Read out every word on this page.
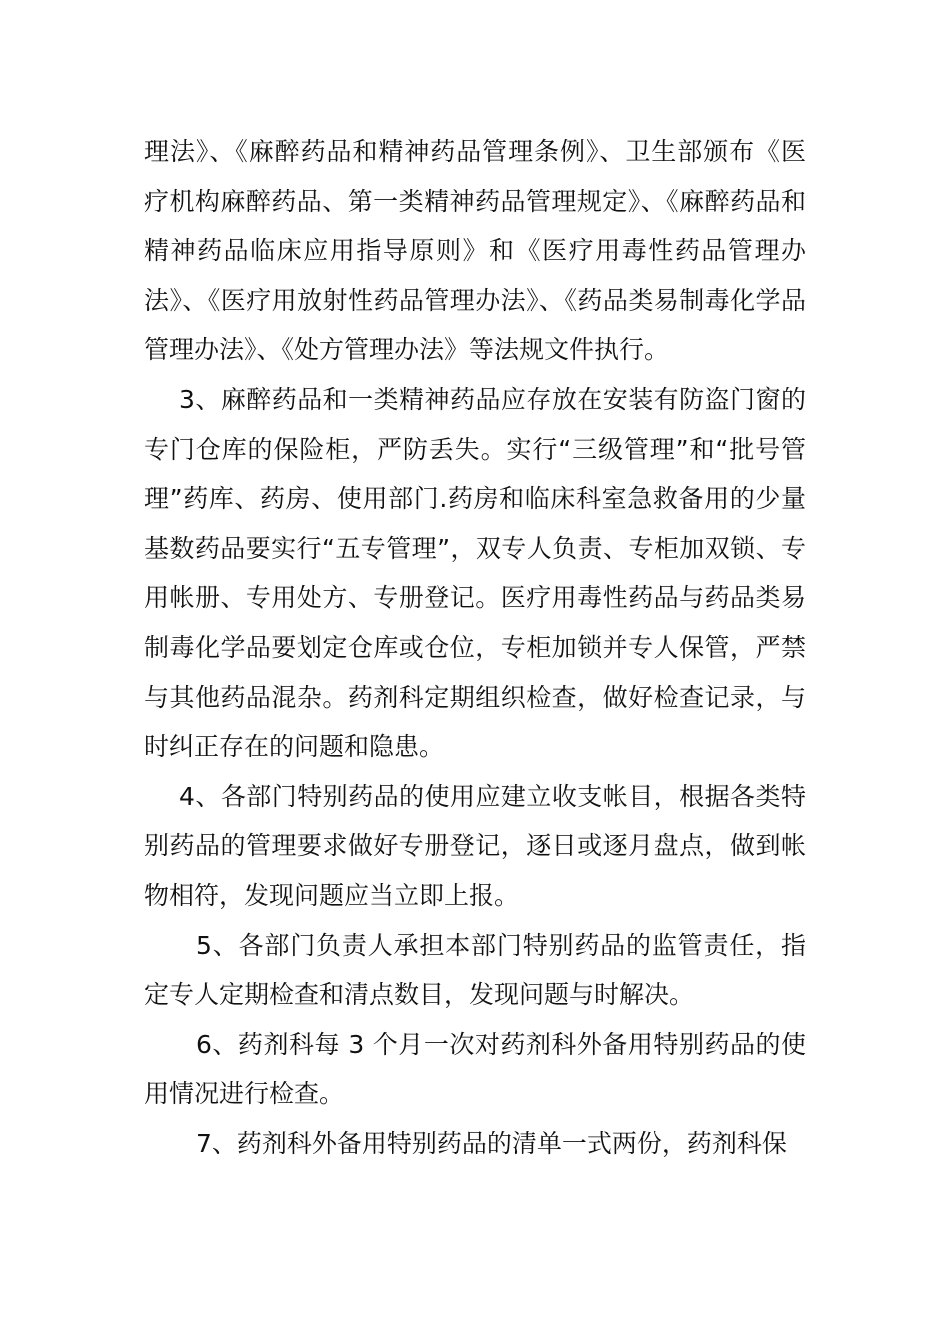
理法》、《麻醉药品和精神药品管理条例》、卫生部颁布《医疗机构麻醉药品、第一类精神药品管理规定》、《麻醉药品和精神药品临床应用指导原则》和《医疗用毒性药品管理办法》、《医疗用放射性药品管理办法》、《药品类易制毒化学品管理办法》、《处方管理办法》等法规文件执行。

3、麻醉药品和一类精神药品应存放在安装有防盗门窗的专门仓库的保险柜，严防丢失。实行“三级管理”和“批号管理”药库、药房、使用部门.药房和临床科室急救备用的少量基数药品要实行“五专管理”，双专人负责、专柜加双锁、专用帐册、专用处方、专册登记。医疗用毒性药品与药品类易制毒化学品要划定仓库或仓位，专柜加锁并专人保管，严禁与其他药品混杂。药剂科定期组织检查，做好检查记录，与时纠正存在的问题和隐患。

4、各部门特别药品的使用应建立收支帐目，根据各类特别药品的管理要求做好专册登记，逐日或逐月盘点，做到帐物相符，发现问题应当立即上报。

5、各部门负责人承担本部门特别药品的监管责任，指定专人定期检查和清点数目，发现问题与时解决。

6、药剂科每 3 个月一次对药剂科外备用特别药品的使用情况进行检查。

7、药剂科外备用特别药品的清单一式两份，药剂科保
